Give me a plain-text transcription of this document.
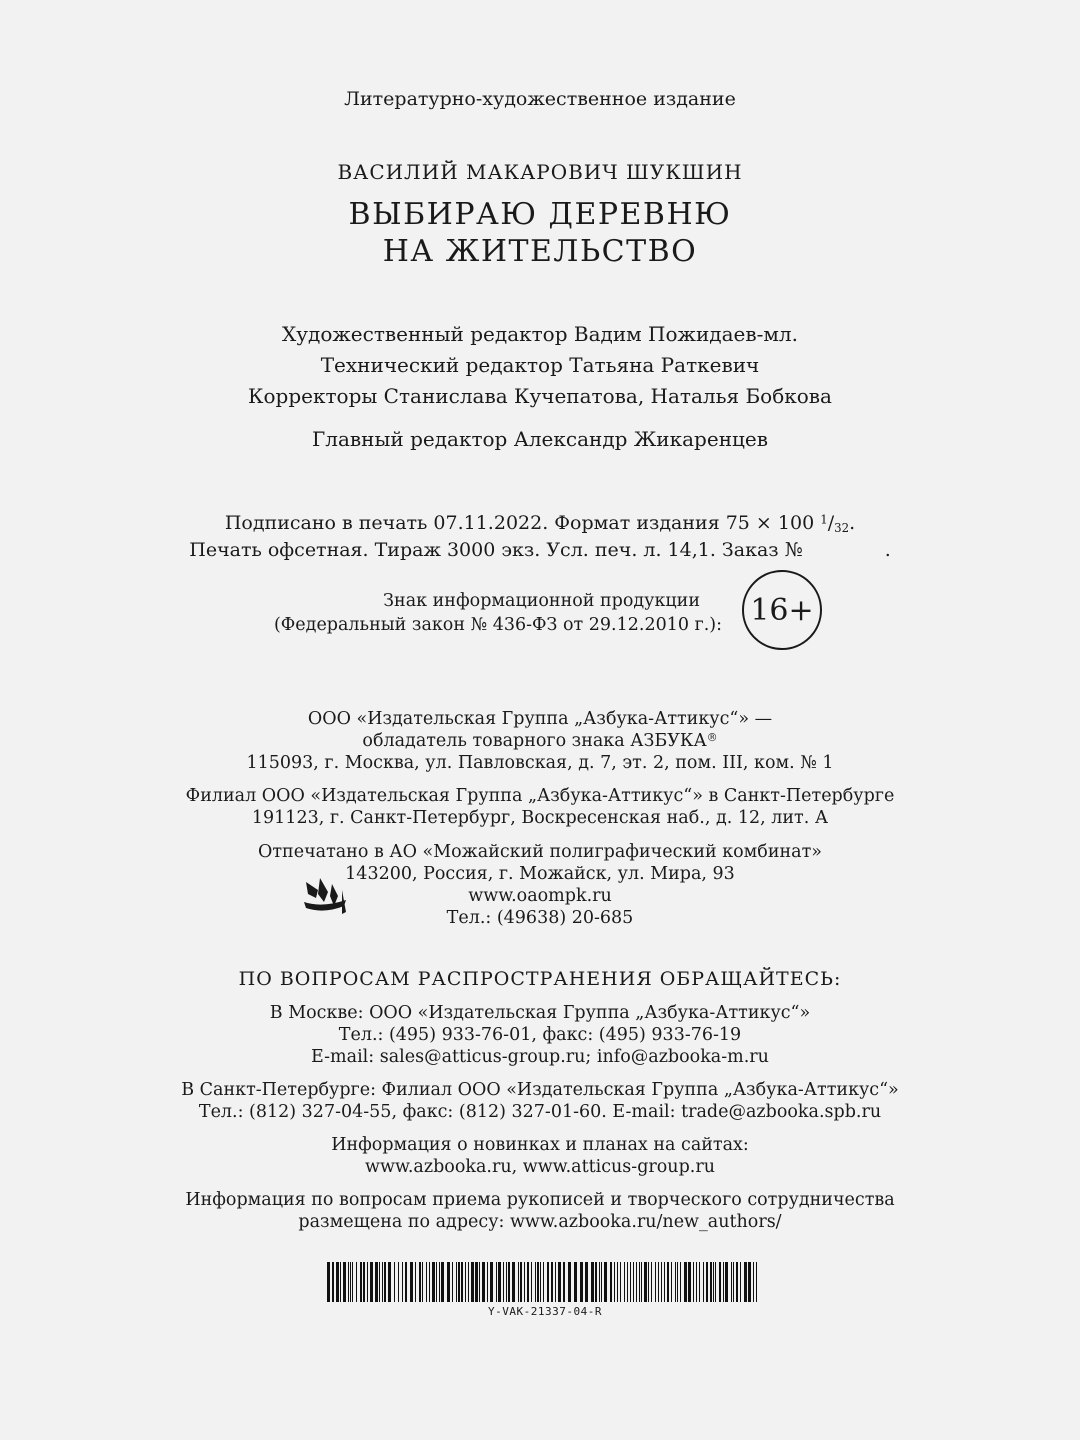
Литературно-художественное издание
ВАСИЛИЙ МАКАРОВИЧ ШУКШИН
ВЫБИРАЮ ДЕРЕВНЮ
НА ЖИТЕЛЬСТВО
Художественный редактор Вадим Пожидаев-мл.
Технический редактор Татьяна Раткевич
Корректоры Станислава Кучепатова, Наталья Бобкова
Главный редактор Александр Жикаренцев
Подписано в печать 07.11.2022. Формат издания 75 × 100 $^1/_{32}$.
Печать офсетная. Тираж 3000 экз. Усл. печ. л. 14,1. Заказ №	.
Знак информационной продукции
(Федеральный закон № 436-ФЗ от 29.12.2010 г.): 16+
ООО «Издательская Группа „Азбука-Аттикус“» —
обладатель товарного знака АЗБУКА®
115093, г. Москва, ул. Павловская, д. 7, эт. 2, пом. III, ком. № 1
Филиал ООО «Издательская Группа „Азбука-Аттикус“» в Санкт-Петербурге
191123, г. Санкт-Петербург, Воскресенская наб., д. 12, лит. А
Отпечатано в АО «Можайский полиграфический комбинат»
143200, Россия, г. Можайск, ул. Мира, 93
www.oaompk.ru
Тел.: (49638) 20-685
ПО ВОПРОСАМ РАСПРОСТРАНЕНИЯ ОБРАЩАЙТЕСЬ:
В Москве: ООО «Издательская Группа „Азбука-Аттикус“»
Тел.: (495) 933-76-01, факс: (495) 933-76-19
E-mail: sales@atticus-group.ru; info@azbooka-m.ru
В Санкт-Петербурге: Филиал ООО «Издательская Группа „Азбука-Аттикус“»
Тел.: (812) 327-04-55, факс: (812) 327-01-60. E-mail: trade@azbooka.spb.ru
Информация о новинках и планах на сайтах:
www.azbooka.ru, www.atticus-group.ru
Информация по вопросам приема рукописей и творческого сотрудничества
размещена по адресу: www.azbooka.ru/new_authors/
Y-VAK-21337-04-R
